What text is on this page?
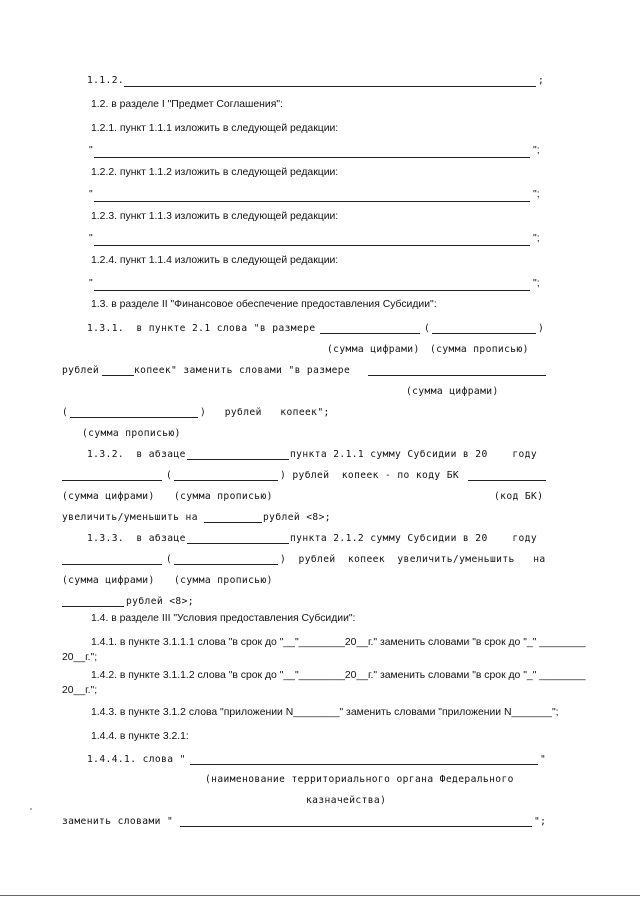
1.1.2.	;
1.2. в разделе I "Предмет Соглашения":
1.2.1. пункт 1.1.1 изложить в следующей редакции:
"	";
1.2.2. пункт 1.1.2 изложить в следующей редакции:
"	";
1.2.3. пункт 1.1.3 изложить в следующей редакции:
"	";
1.2.4. пункт 1.1.4 изложить в следующей редакции:
"	";
1.3. в разделе II "Финансовое обеспечение предоставления Субсидии":
1.3.1.  в пункте 2.1 слова "в размере	(	)
(сумма цифрами) (сумма прописью)
рублей	копеек" заменить словами "в размере
(сумма цифрами)
(	)   рублей   копеек";
(сумма прописью)
1.3.2.  в абзаце	пункта 2.1.1 сумму Субсидии в 20    году
(	) рублей  копеек - по коду БК
(сумма цифрами) (сумма прописью)	(код БК)
увеличить/уменьшить на	рублей <8>;
1.3.3.  в абзаце	пункта 2.1.2 сумму Субсидии в 20    году
(	)  рублей  копеек  увеличить/уменьшить   на
(сумма цифрами) (сумма прописью)
рублей <8>;
1.4. в разделе III "Условия предоставления Субсидии":
1.4.1. в пункте 3.1.1.1 слова "в срок до "__"________20__г." заменить словами "в срок до "_" ________
20__г.";
1.4.2. в пункте 3.1.1.2 слова "в срок до "__"________20__г." заменить словами "в срок до "_" ________
20__г.";
1.4.3. в пункте 3.1.2 слова "приложении N________" заменить словами "приложении N_______";
1.4.4. в пункте 3.2.1:
1.4.4.1. слова "	"
(наименование территориального органа Федерального
казначейства)
заменить словами "	";
